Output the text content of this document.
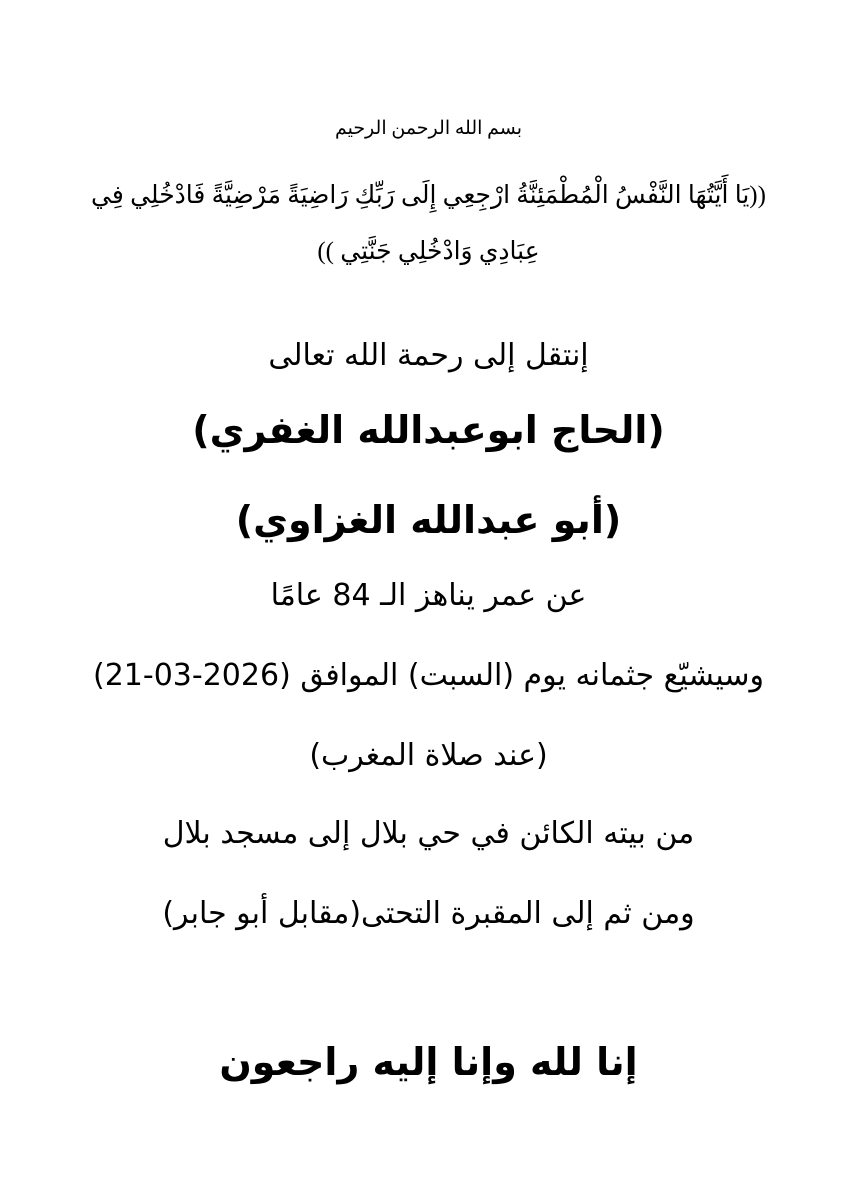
بسم الله الرحمن الرحيم
((يَا أَيَّتُهَا النَّفْسُ الْمُطْمَئِنَّةُ ارْجِعِي إِلَى رَبِّكِ رَاضِيَةً مَرْضِيَّةً فَادْخُلِي فِي
عِبَادِي وَادْخُلِي جَنَّتِي ))
إنتقل إلى رحمة الله تعالى
(الحاج ابوعبدالله الغفري)
(أبو عبدالله الغزاوي)
عن عمر يناهز الـ 84 عامًا
وسيشيّع جثمانه يوم (السبت) الموافق (2026-03-21)
(عند صلاة المغرب)
من بيته الكائن في حي بلال إلى مسجد بلال
ومن ثم إلى المقبرة التحتى(مقابل أبو جابر)
إنا لله وإنا إليه راجعون
